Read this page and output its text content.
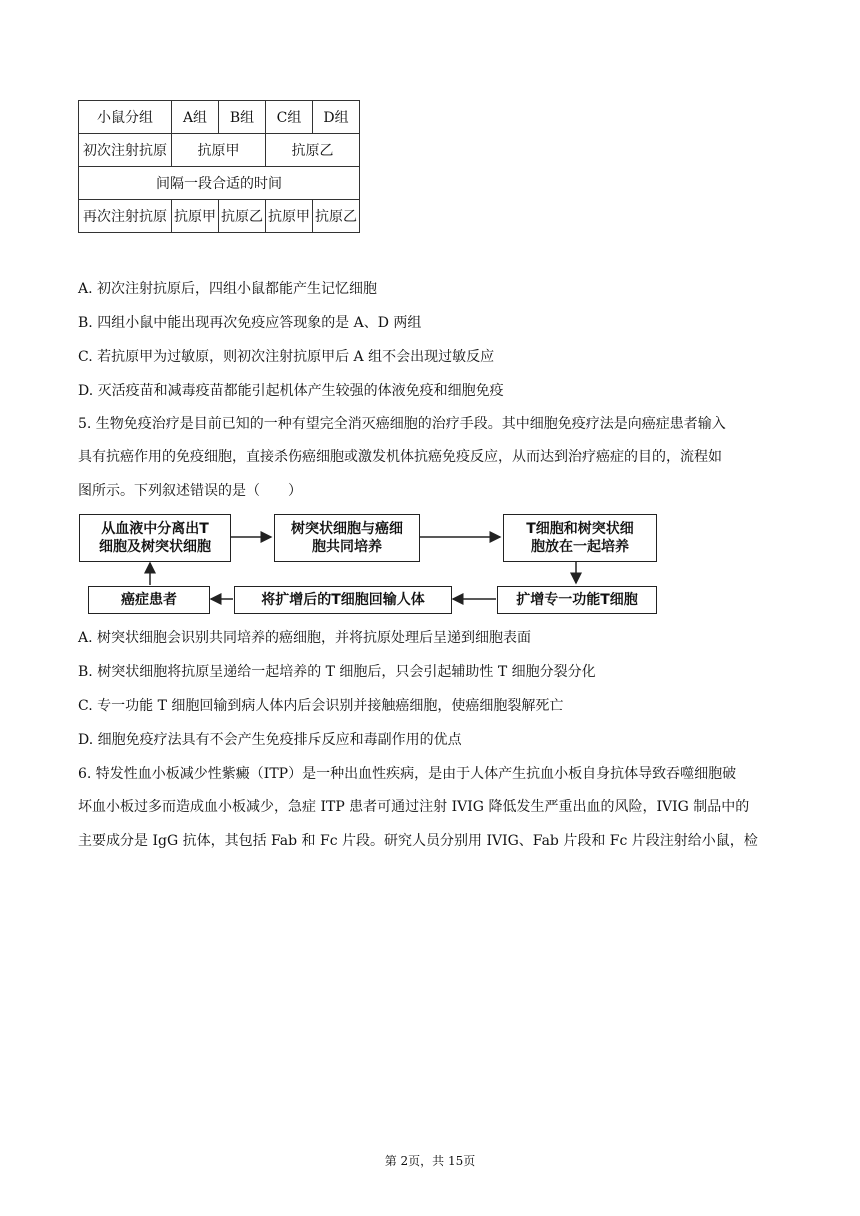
小鼠分组	A组	B组	C组	D组
初次注射抗原	抗原甲		抗原乙	
间隔一段合适的时间				
再次注射抗原	抗原甲	抗原乙	抗原甲	抗原乙
A. 初次注射抗原后，四组小鼠都能产生记忆细胞
B. 四组小鼠中能出现再次免疫应答现象的是 A、D 两组
C. 若抗原甲为过敏原，则初次注射抗原甲后 A 组不会出现过敏反应
D. 灭活疫苗和减毒疫苗都能引起机体产生较强的体液免疫和细胞免疫
5. 生物免疫治疗是目前已知的一种有望完全消灭癌细胞的治疗手段。其中细胞免疫疗法是向癌症患者输入
具有抗癌作用的免疫细胞，直接杀伤癌细胞或激发机体抗癌免疫反应，从而达到治疗癌症的目的，流程如
图所示。下列叙述错误的是（　　）
从血液中分离出T
细胞及树突状细胞
树突状细胞与癌细
胞共同培养
T细胞和树突状细
胞放在一起培养
扩增专一功能T细胞
将扩增后的T细胞回输人体
癌症患者
A. 树突状细胞会识别共同培养的癌细胞，并将抗原处理后呈递到细胞表面
B. 树突状细胞将抗原呈递给一起培养的 T 细胞后，只会引起辅助性 T 细胞分裂分化
C. 专一功能 T 细胞回输到病人体内后会识别并接触癌细胞，使癌细胞裂解死亡
D. 细胞免疫疗法具有不会产生免疫排斥反应和毒副作用的优点
6. 特发性血小板减少性紫癜（ITP）是一种出血性疾病，是由于人体产生抗血小板自身抗体导致吞噬细胞破
坏血小板过多而造成血小板减少，急症 ITP 患者可通过注射 IVIG 降低发生严重出血的风险，IVIG 制品中的
主要成分是 IgG 抗体，其包括 Fab 和 Fc 片段。研究人员分别用 IVIG、Fab 片段和 Fc 片段注射给小鼠，检
第 2页，共 15页
